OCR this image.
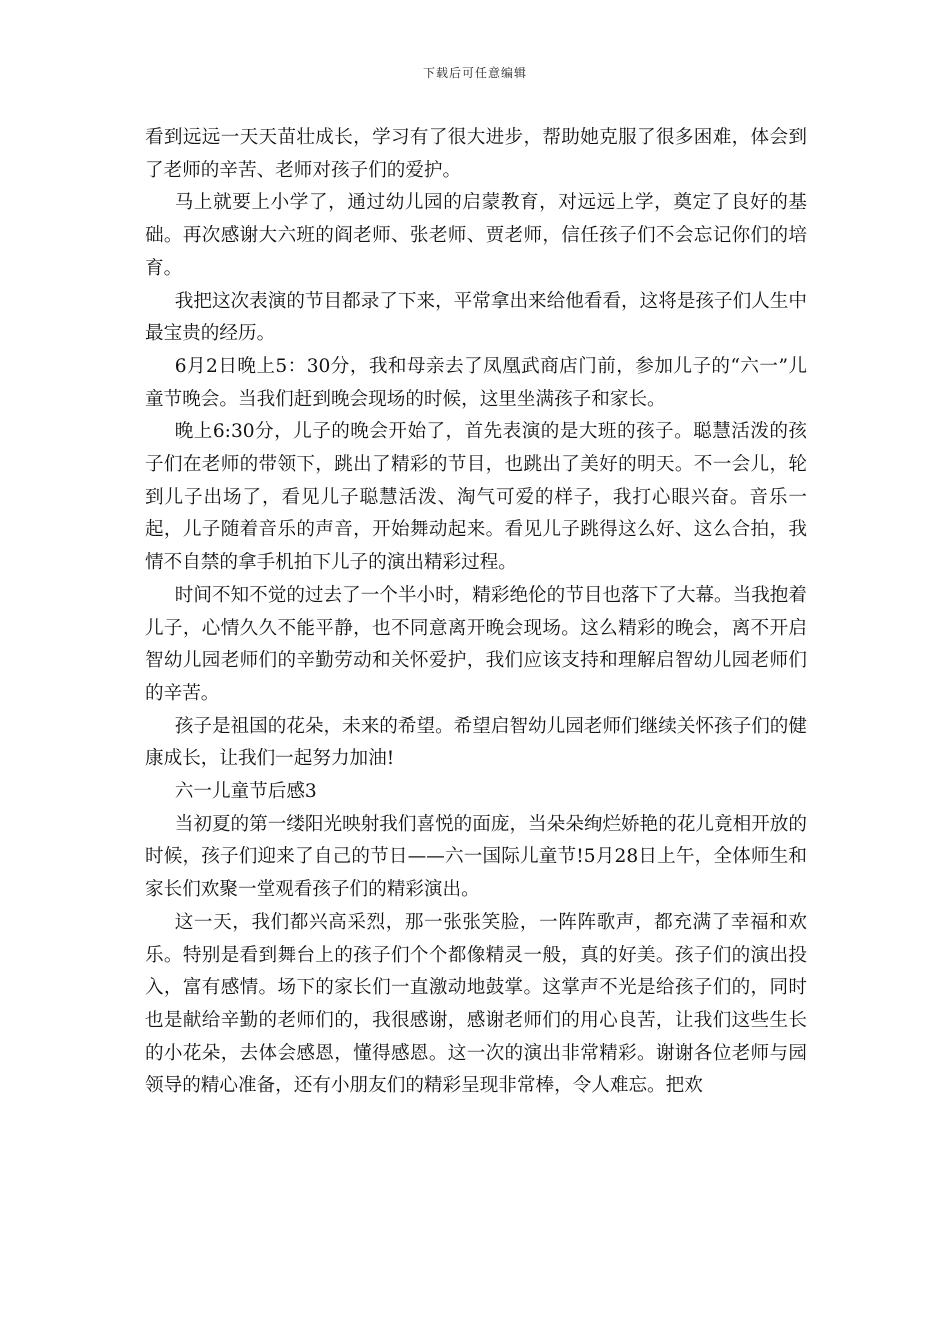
下载后可任意编辑

看到远远一天天苗壮成长，学习有了很大进步，帮助她克服了很多困难，体会到了老师的辛苦、老师对孩子们的爱护。

马上就要上小学了，通过幼儿园的启蒙教育，对远远上学，奠定了良好的基础。再次感谢大六班的阎老师、张老师、贾老师，信任孩子们不会忘记你们的培育。

我把这次表演的节目都录了下来，平常拿出来给他看看，这将是孩子们人生中最宝贵的经历。

6月2日晚上5：30分，我和母亲去了凤凰武商店门前，参加儿子的“六一”儿童节晚会。当我们赶到晚会现场的时候，这里坐满孩子和家长。

晚上6:30分，儿子的晚会开始了，首先表演的是大班的孩子。聪慧活泼的孩子们在老师的带领下，跳出了精彩的节目，也跳出了美好的明天。不一会儿，轮到儿子出场了，看见儿子聪慧活泼、淘气可爱的样子，我打心眼兴奋。音乐一起，儿子随着音乐的声音，开始舞动起来。看见儿子跳得这么好、这么合拍，我情不自禁的拿手机拍下儿子的演出精彩过程。

时间不知不觉的过去了一个半小时，精彩绝伦的节目也落下了大幕。当我抱着儿子，心情久久不能平静，也不同意离开晚会现场。这么精彩的晚会，离不开启智幼儿园老师们的辛勤劳动和关怀爱护，我们应该支持和理解启智幼儿园老师们的辛苦。

孩子是祖国的花朵，未来的希望。希望启智幼儿园老师们继续关怀孩子们的健康成长，让我们一起努力加油!

六一儿童节后感3

当初夏的第一缕阳光映射我们喜悦的面庞，当朵朵绚烂娇艳的花儿竟相开放的时候，孩子们迎来了自己的节日——六一国际儿童节!5月28日上午，全体师生和家长们欢聚一堂观看孩子们的精彩演出。

这一天，我们都兴高采烈，那一张张笑脸，一阵阵歌声，都充满了幸福和欢乐。特别是看到舞台上的孩子们个个都像精灵一般，真的好美。孩子们的演出投入，富有感情。场下的家长们一直激动地鼓掌。这掌声不光是给孩子们的，同时也是献给辛勤的老师们的，我很感谢，感谢老师们的用心良苦，让我们这些生长的小花朵，去体会感恩，懂得感恩。这一次的演出非常精彩。谢谢各位老师与园领导的精心准备，还有小朋友们的精彩呈现非常棒，令人难忘。把欢
